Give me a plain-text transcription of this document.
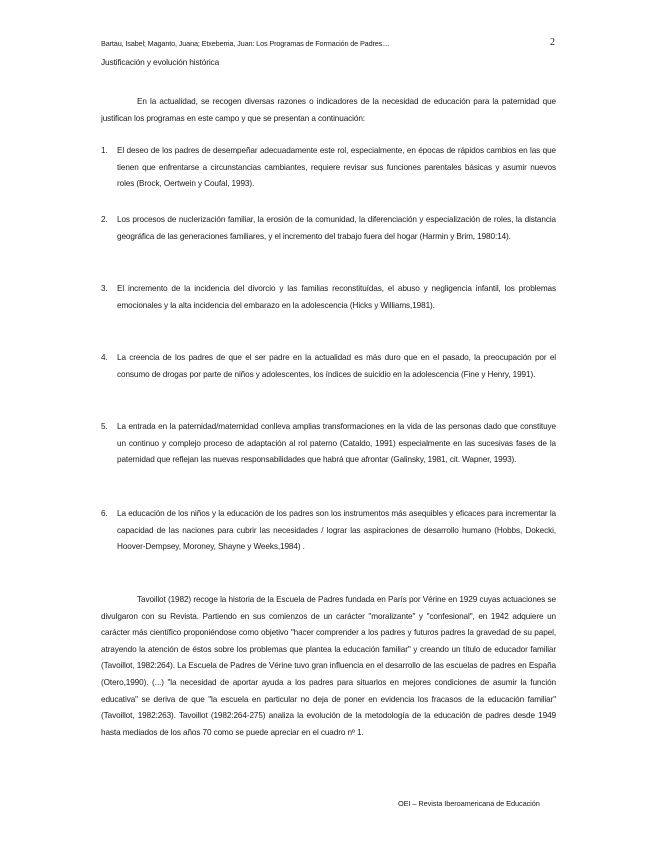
Bartau, Isabel; Maganto, Juana; Etxeberria, Juan: Los Programas de Formación de Padres....	2
Justificación y evolución histórica

En la actualidad, se recogen diversas razones o indicadores de la necesidad de educación para la paternidad que justifican los programas en este campo y que se presentan a continuación:

1. El deseo de los padres de desempeñar adecuadamente este rol, especialmente, en épocas de rápidos cambios en las que tienen que enfrentarse a circunstancias cambiantes, requiere revisar sus funciones parentales básicas y asumir nuevos roles (Brock, Oertwein y Coufal, 1993).
2. Los procesos de nuclerización familiar, la erosión de la comunidad, la diferenciación y especialización de roles, la distancia geográfica de las generaciones familiares, y el incremento del trabajo fuera del hogar (Harmin y Brim, 1980:14).
3. El incremento de la incidencia del divorcio y las familias reconstituídas, el abuso y negligencia infantil, los problemas emocionales y la alta incidencia del embarazo en la adolescencia (Hicks y Williams,1981).
4. La creencia de los padres de que el ser padre en la actualidad es más duro que en el pasado, la preocupación por el consumo de drogas por parte de niños y adolescentes, los índices de suicidio en la adolescencia (Fine y Henry, 1991).
5. La entrada en la paternidad/maternidad conlleva amplias transformaciones en la vida de las personas dado que constituye un continuo y complejo proceso de adaptación al rol paterno (Cataldo, 1991) especialmente en las sucesivas fases de la paternidad que reflejan las nuevas responsabilidades que habrá que afrontar (Galinsky, 1981, cit. Wapner, 1993).
6. La educación de los niños y la educación de los padres son los instrumentos más asequibles y eficaces para incrementar la capacidad de las naciones para cubrir las necesidades / lograr las aspiraciones de desarrollo humano (Hobbs, Dokecki, Hoover-Dempsey, Moroney, Shayne y Weeks,1984) .

Tavoillot (1982) recoge la historia de la Escuela de Padres fundada en París por Vérine en 1929 cuyas actuaciones se divulgaron con su Revista. Partiendo en sus comienzos de un carácter "moralizante" y "confesional", en 1942 adquiere un carácter más científico proponiéndose como objetivo "hacer comprender a los padres y futuros padres la gravedad de su papel, atrayendo la atención de éstos sobre los problemas que plantea la educación familiar" y creando un título de educador familiar (Tavoillot, 1982:264). La Escuela de Padres de Vérine tuvo gran influencia en el desarrollo de las escuelas de padres en España (Otero,1990). (...) "la necesidad de aportar ayuda a los padres para situarlos en mejores condiciones de asumir la función educativa" se deriva de que "la escuela en particular no deja de poner en evidencia los fracasos de la educación familiar" (Tavoillot, 1982:263). Tavoillot (1982:264-275) analiza la evolución de la metodología de la educación de padres desde 1949 hasta mediados de los años 70 como se puede apreciar en el cuadro nº 1.

OEI – Revista Iberoamericana de Educación
